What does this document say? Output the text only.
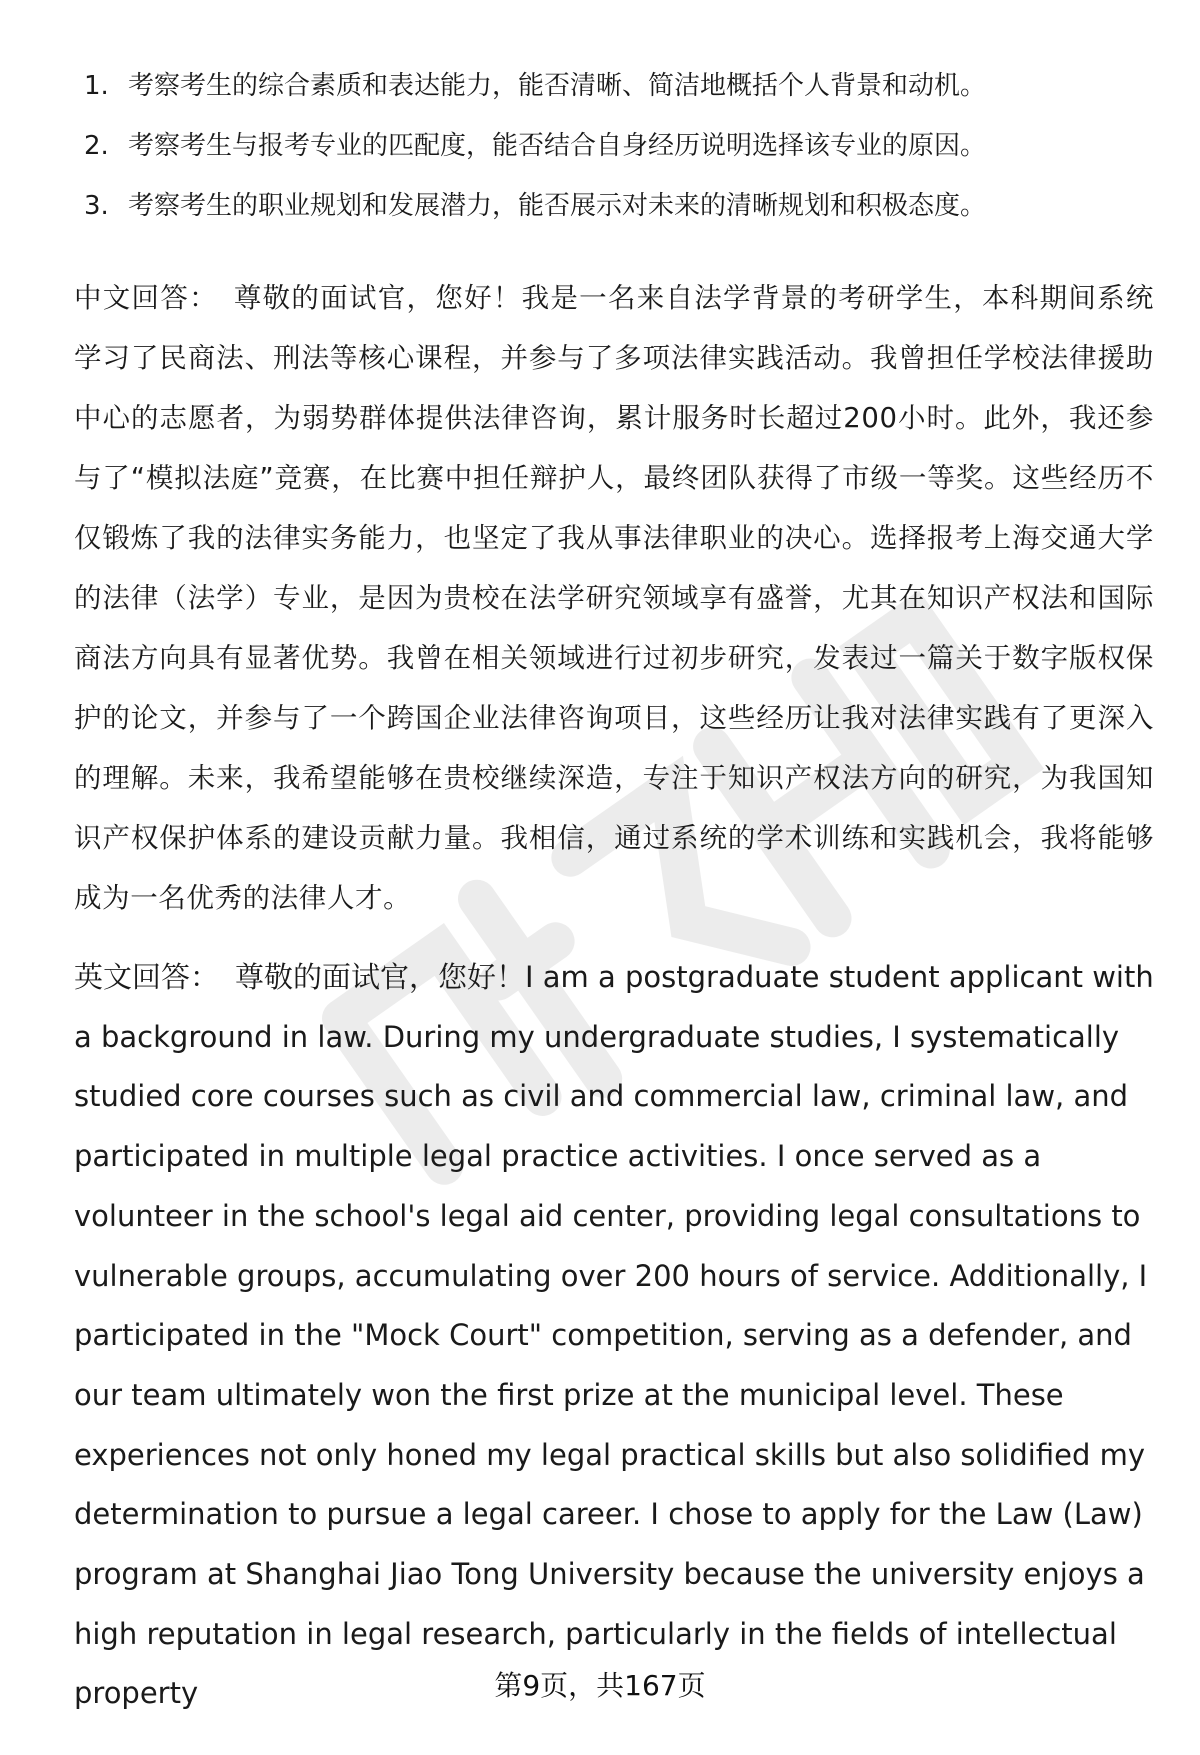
1. 考察考生的综合素质和表达能力，能否清晰、简洁地概括个人背景和动机。
2. 考察考生与报考专业的匹配度，能否结合自身经历说明选择该专业的原因。
3. 考察考生的职业规划和发展潜力，能否展示对未来的清晰规划和积极态度。

中文回答： 尊敬的面试官，您好！我是一名来自法学背景的考研学生，本科期间系统学习了民商法、刑法等核心课程，并参与了多项法律实践活动。我曾担任学校法律援助中心的志愿者，为弱势群体提供法律咨询，累计服务时长超过200小时。此外，我还参与了“模拟法庭”竞赛，在比赛中担任辩护人，最终团队获得了市级一等奖。这些经历不仅锻炼了我的法律实务能力，也坚定了我从事法律职业的决心。选择报考上海交通大学的法律（法学）专业，是因为贵校在法学研究领域享有盛誉，尤其在知识产权法和国际商法方向具有显著优势。我曾在相关领域进行过初步研究，发表过一篇关于数字版权保护的论文，并参与了一个跨国企业法律咨询项目，这些经历让我对法律实践有了更深入的理解。未来，我希望能够在贵校继续深造，专注于知识产权法方向的研究，为我国知识产权保护体系的建设贡献力量。我相信，通过系统的学术训练和实践机会，我将能够成为一名优秀的法律人才。

英文回答： 尊敬的面试官，您好！I am a postgraduate student applicant with a background in law. During my undergraduate studies, I systematically studied core courses such as civil and commercial law, criminal law, and participated in multiple legal practice activities. I once served as a volunteer in the school's legal aid center, providing legal consultations to vulnerable groups, accumulating over 200 hours of service. Additionally, I participated in the "Mock Court" competition, serving as a defender, and our team ultimately won the first prize at the municipal level. These experiences not only honed my legal practical skills but also solidified my determination to pursue a legal career. I chose to apply for the Law (Law) program at Shanghai Jiao Tong University because the university enjoys a high reputation in legal research, particularly in the fields of intellectual property	第9页，共167页
